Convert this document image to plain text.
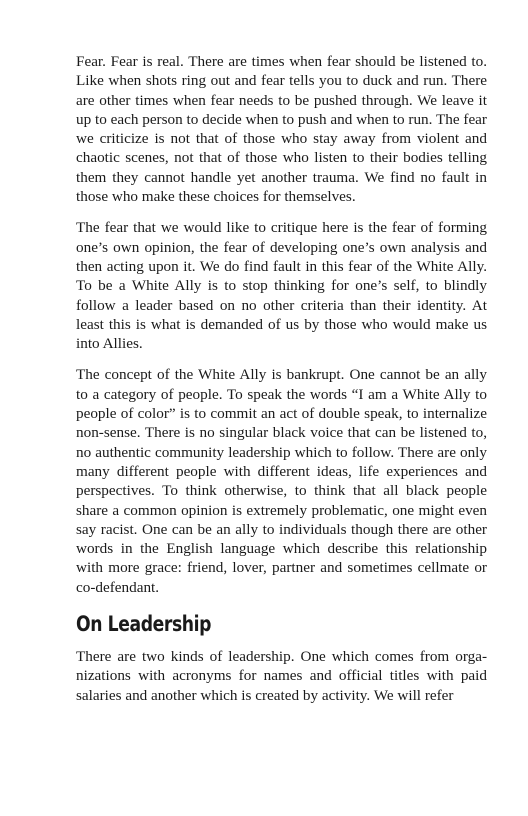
Fear. Fear is real. There are times when fear should be listened to. Like when shots ring out and fear tells you to duck and run. There are other times when fear needs to be pushed through. We leave it up to each person to decide when to push and when to run. The fear we criticize is not that of those who stay away from violent and chaotic scenes, not that of those who listen to their bodies telling them they cannot handle yet another trauma. We find no fault in those who make these choices for themselves.

The fear that we would like to critique here is the fear of forming one’s own opinion, the fear of developing one’s own analysis and then acting upon it. We do find fault in this fear of the White Ally. To be a White Ally is to stop thinking for one’s self, to blindly follow a leader based on no other criteria than their identity. At least this is what is demanded of us by those who would make us into Allies.

The concept of the White Ally is bankrupt. One cannot be an ally to a category of people. To speak the words “I am a White Ally to people of color” is to commit an act of double speak, to internalize non-sense. There is no singular black voice that can be listened to, no authentic community leadership which to follow. There are only many different people with different ideas, life experiences and perspectives. To think otherwise, to think that all black people share a common opinion is extremely problematic, one might even say racist. One can be an ally to individuals though there are other words in the English language which describe this relationship with more grace: friend, lover, partner and sometimes cellmate or co-defendant.

On Leadership

There are two kinds of leadership. One which comes from organizations with acronyms for names and official titles with paid salaries and another which is created by activity. We will refer
